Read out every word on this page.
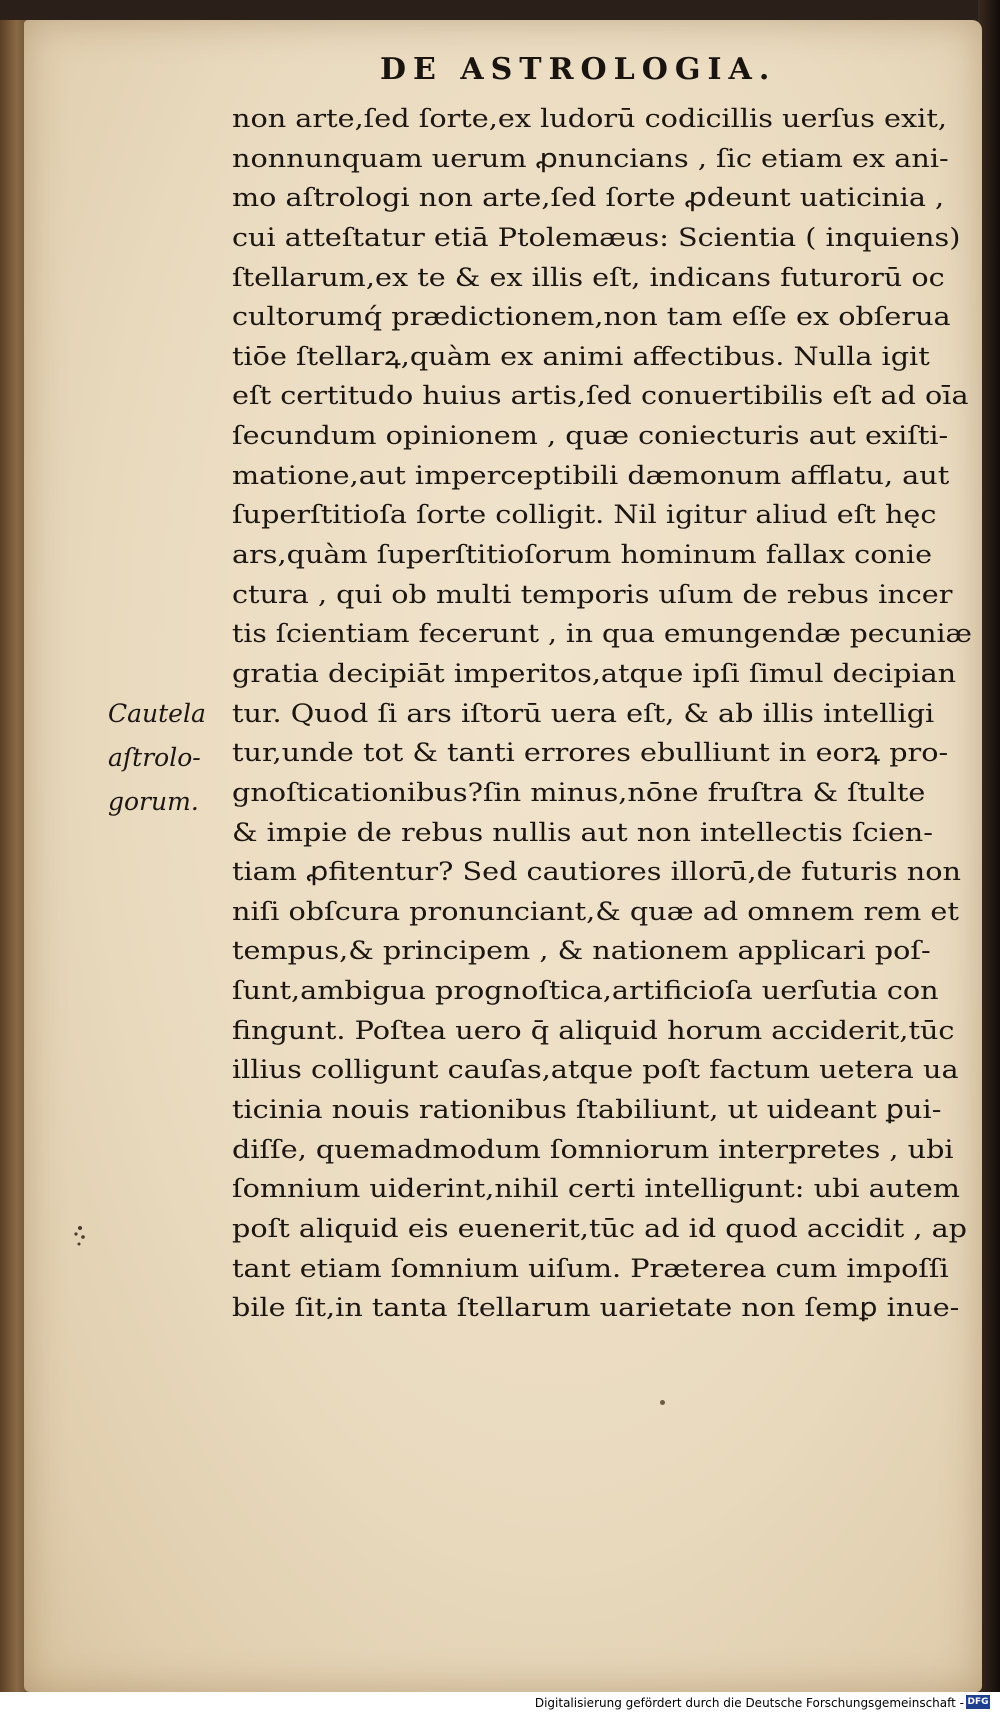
DE ASTROLOGIA.
non arte,ſed ſorte,ex ludorū codicillis uerſus exit,
nonnunquam uerum ꝓnuncians , ſic etiam ex ani-
mo aſtrologi non arte,ſed ſorte ꝓdeunt uaticinia ,
cui atteſtatur etiā Ptolemæus: Scientia ( inquiens)
ſtellarum,ex te & ex illis eſt, indicans futurorū oc
cultorumq́ prædictionem,non tam eſſe ex obſerua
tiōe ſtellarꝝ,quàm ex animi affectibus. Nulla igit
eſt certitudo huius artis,ſed conuertibilis eſt ad oīa
ſecundum opinionem , quæ coniecturis aut exiſti-
matione,aut imperceptibili dæmonum afflatu, aut
ſuperſtitioſa ſorte colligit. Nil igitur aliud eſt hęc
ars,quàm ſuperſtitioſorum hominum fallax conie
ctura , qui ob multi temporis uſum de rebus incer
tis ſcientiam fecerunt , in qua emungendæ pecuniæ
gratia decipiāt imperitos,atque ipſi ſimul decipian
tur. Quod ſi ars iſtorū uera eſt, & ab illis intelligi
tur,unde tot & tanti errores ebulliunt in eorꝝ pro-
gnoſticationibus?ſin minus,nōne fruſtra & ſtulte
& impie de rebus nullis aut non intellectis ſcien-
tiam ꝓfitentur? Sed cautiores illorū,de futuris non
niſi obſcura pronunciant,& quæ ad omnem rem et
tempus,& principem , & nationem applicari poſ-
ſunt,ambigua prognoſtica,artificioſa uerſutia con
fingunt. Poſtea uero q̄ aliquid horum acciderit,tūc
illius colligunt cauſas,atque poſt factum uetera ua
ticinia nouis rationibus ſtabiliunt, ut uideant ꝑui-
diſſe, quemadmodum ſomniorum interpretes , ubi
ſomnium uiderint,nihil certi intelligunt: ubi autem
poſt aliquid eis euenerit,tūc ad id quod accidit , ap
tant etiam ſomnium uiſum. Præterea cum impoſſi
bile ſit,in tanta ſtellarum uarietate non ſemꝑ inue-
Cautela
aſtrolo-
gorum.
Digitalisierung gefördert durch die Deutsche Forschungsgemeinschaft - DFG
